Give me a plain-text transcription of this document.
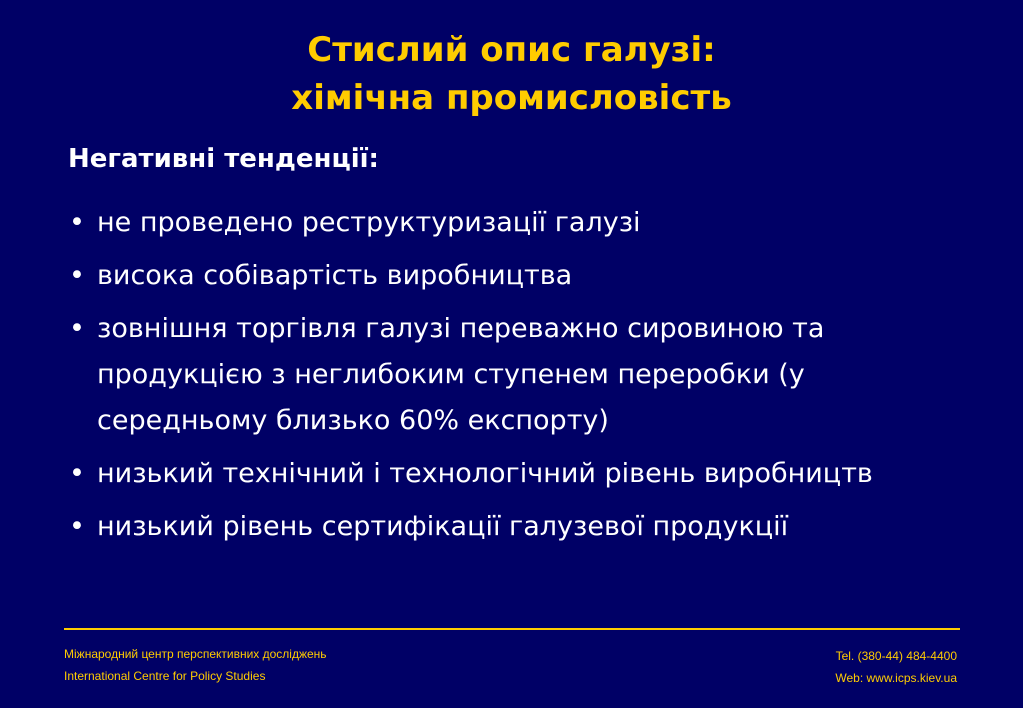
Стислий опис галузі:
хімічна промисловість
Негативні тенденції:
• не проведено реструктуризації галузі
• висока собівартість виробництва
• зовнішня торгівля галузі переважно сировиною та продукцією з неглибоким ступенем переробки (у середньому близько 60% експорту)
• низький технічний і технологічний рівень виробництв
• низький рівень сертифікації галузевої продукції
Міжнародний центр перспективних досліджень
International Centre for Policy Studies
Tel. (380-44) 484-4400
Web: www.icps.kiev.ua
